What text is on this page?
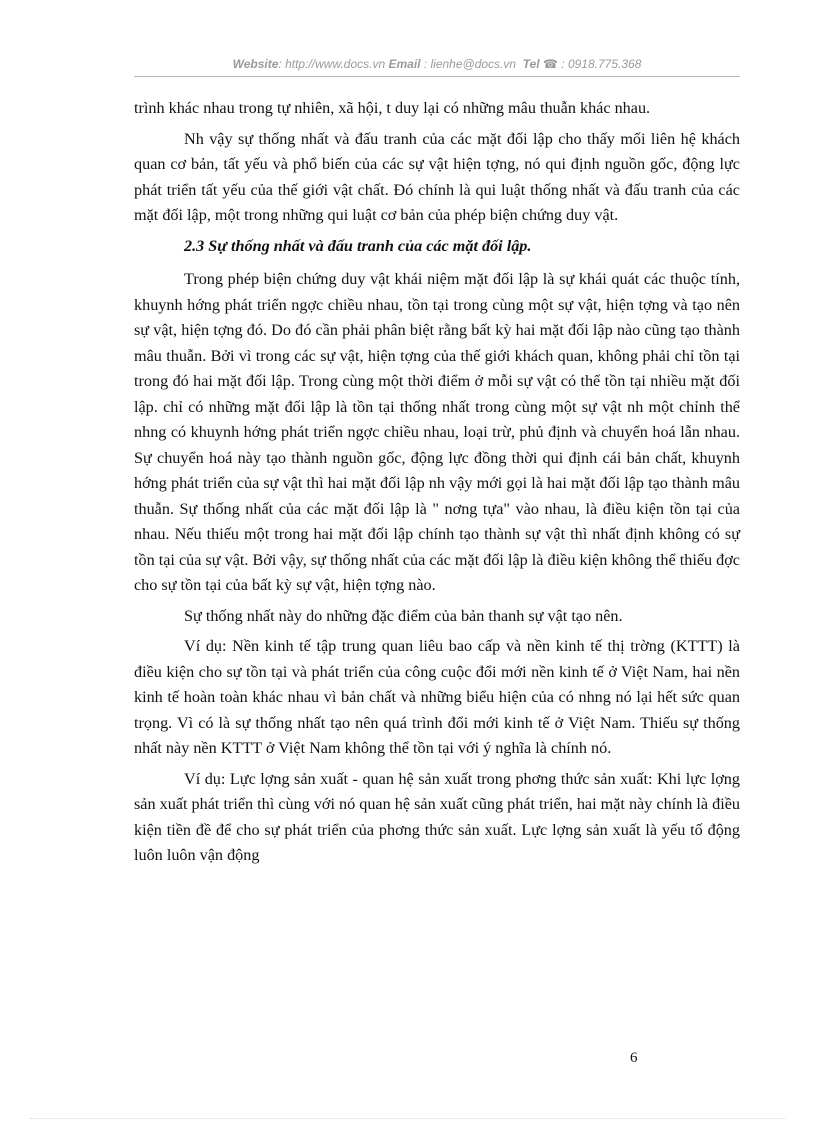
Website: http://www.docs.vn Email : lienhe@docs.vn Tel ☎ : 0918.775.368

trình khác nhau trong tự nhiên, xã hội, t duy lại có những mâu thuẫn khác nhau.

Nh vậy sự thống nhất và đấu tranh của các mặt đối lập cho thấy mối liên hệ khách quan cơ bản, tất yếu và phổ biến của các sự vật hiện tợng, nó qui định nguồn gốc, động lực phát triển tất yếu của thế giới vật chất. Đó chính là qui luật thống nhất và đấu tranh của các mặt đối lập, một trong những qui luật cơ bản của phép biện chứng duy vật.

2.3 Sự thống nhất và đấu tranh của các mặt đối lập.

Trong phép biện chứng duy vật khái niệm mặt đối lập là sự khái quát các thuộc tính, khuynh hớng phát triển ngợc chiều nhau, tồn tại trong cùng một sự vật, hiện tợng và tạo nên sự vật, hiện tợng đó. Do đó cần phải phân biệt rằng bất kỳ hai mặt đối lập nào cũng tạo thành mâu thuẫn. Bởi vì trong các sự vật, hiện tợng của thế giới khách quan, không phải chỉ tồn tại trong đó hai mặt đối lập. Trong cùng một thời điểm ở mỗi sự vật có thể tồn tại nhiều mặt đối lập. chỉ có những mặt đối lập là tồn tại thống nhất trong cùng một sự vật nh một chỉnh thể nhng có khuynh hớng phát triển ngợc chiều nhau, loại trừ, phủ định và chuyển hoá lẫn nhau. Sự chuyển hoá này tạo thành nguồn gốc, động lực đồng thời qui định cái bản chất, khuynh hớng phát triển của sự vật thì hai mặt đối lập nh vậy mới gọi là hai mặt đối lập tạo thành mâu thuẫn. Sự thống nhất của các mặt đối lập là " nơng tựa" vào nhau, là điều kiện tồn tại của nhau. Nếu thiếu một trong hai mặt đối lập chính tạo thành sự vật thì nhất định không có sự tồn tại của sự vật. Bởi vậy, sự thống nhất của các mặt đối lập là điều kiện không thể thiếu đợc cho sự tồn tại của bất kỳ sự vật, hiện tợng nào.

Sự thống nhất này do những đặc điểm của bản thanh sự vật tạo nên.

Ví dụ: Nền kinh tế tập trung quan liêu bao cấp và nền kinh tế thị trờng (KTTT) là điều kiện cho sự tồn tại và phát triển của công cuộc đổi mới nền kinh tế ở Việt Nam, hai nền kinh tế hoàn toàn khác nhau vì bản chất và những biểu hiện của có nhng nó lại hết sức quan trọng. Vì có là sự thống nhất tạo nên quá trình đổi mới kinh tế ở Việt Nam. Thiếu sự thống nhất này nền KTTT ở Việt Nam không thể tồn tại với ý nghĩa là chính nó.

Ví dụ: Lực lợng sản xuất - quan hệ sản xuất trong phơng thức sản xuất: Khi lực lợng sản xuất phát triển thì cùng với nó quan hệ sản xuất cũng phát triển, hai mặt này chính là điều kiện tiền đề để cho sự phát triển của phơng thức sản xuất. Lực lợng sản xuất là yếu tố động luôn luôn vận động

6
